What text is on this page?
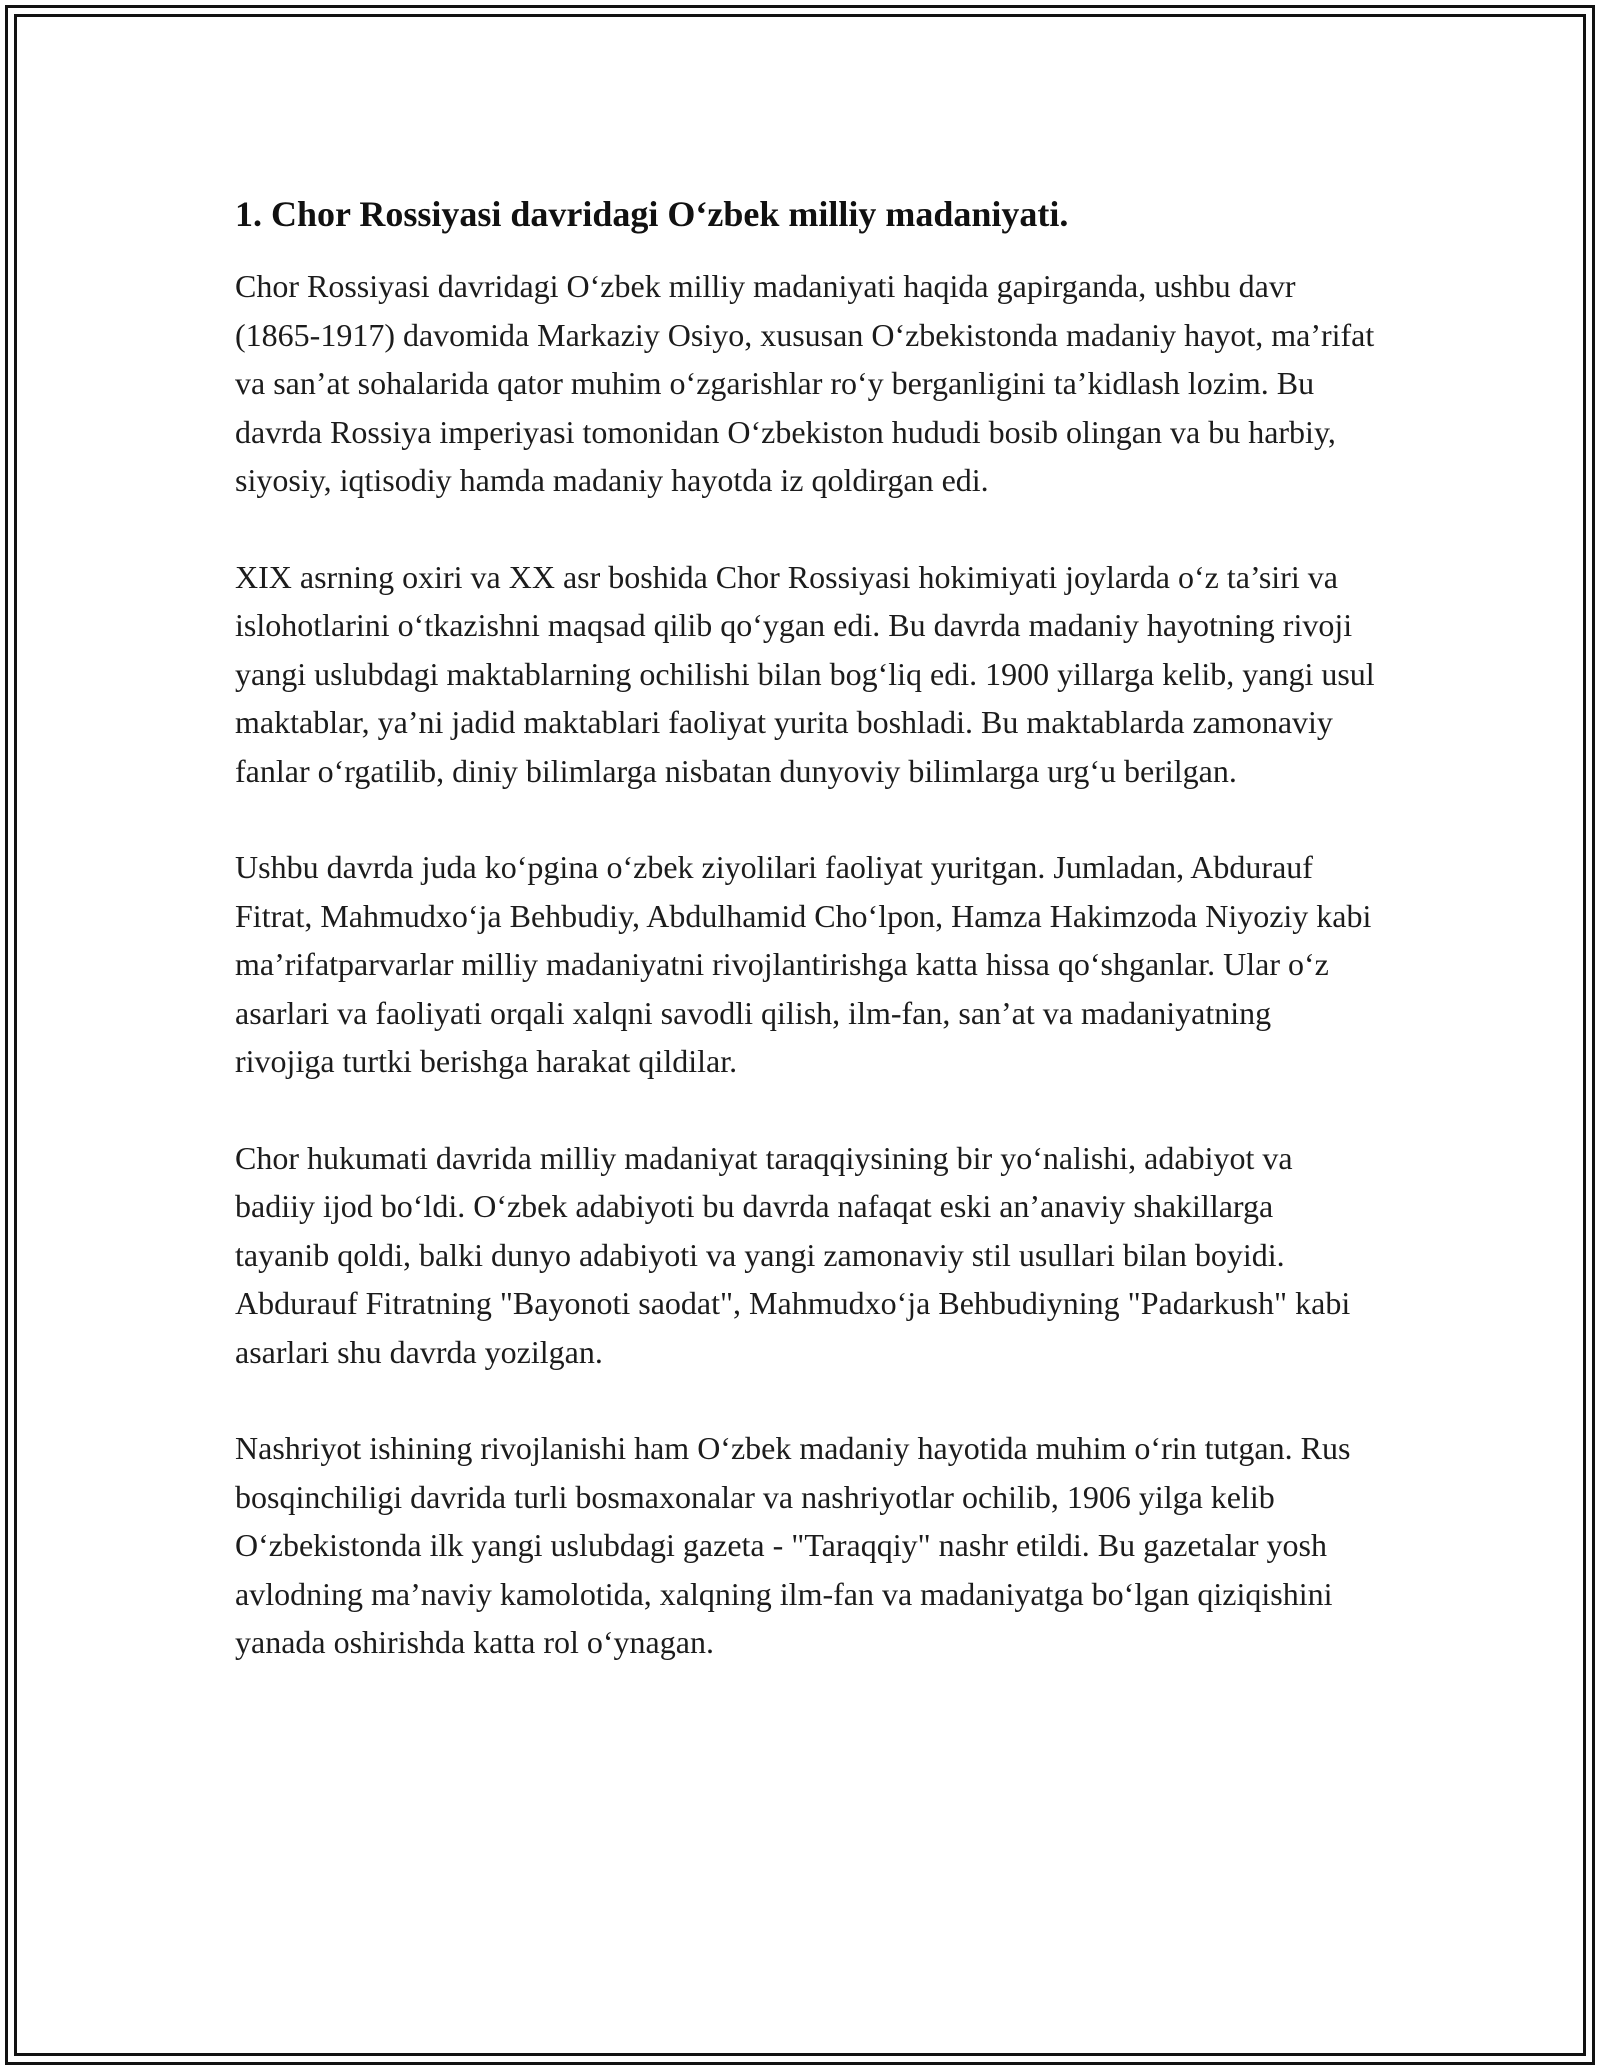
1. Chor Rossiyasi davridagi O‘zbek milliy madaniyati.

Chor Rossiyasi davridagi O‘zbek milliy madaniyati haqida gapirganda, ushbu davr (1865-1917) davomida Markaziy Osiyo, xususan O‘zbekistonda madaniy hayot, ma’rifat va san’at sohalarida qator muhim o‘zgarishlar ro‘y berganligini ta’kidlash lozim. Bu davrda Rossiya imperiyasi tomonidan O‘zbekiston hududi bosib olingan va bu harbiy, siyosiy, iqtisodiy hamda madaniy hayotda iz qoldirgan edi.

XIX asrning oxiri va XX asr boshida Chor Rossiyasi hokimiyati joylarda o‘z ta’siri va islohotlarini o‘tkazishni maqsad qilib qo‘ygan edi. Bu davrda madaniy hayotning rivoji yangi uslubdagi maktablarning ochilishi bilan bog‘liq edi. 1900 yillarga kelib, yangi usul maktablar, ya’ni jadid maktablari faoliyat yurita boshladi. Bu maktablarda zamonaviy fanlar o‘rgatilib, diniy bilimlarga nisbatan dunyoviy bilimlarga urg‘u berilgan.

Ushbu davrda juda ko‘pgina o‘zbek ziyolilari faoliyat yuritgan. Jumladan, Abdurauf Fitrat, Mahmudxo‘ja Behbudiy, Abdulhamid Cho‘lpon, Hamza Hakimzoda Niyoziy kabi ma’rifatparvarlar milliy madaniyatni rivojlantirishga katta hissa qo‘shganlar. Ular o‘z asarlari va faoliyati orqali xalqni savodli qilish, ilm-fan, san’at va madaniyatning rivojiga turtki berishga harakat qildilar.

Chor hukumati davrida milliy madaniyat taraqqiysining bir yo‘nalishi, adabiyot va badiiy ijod bo‘ldi. O‘zbek adabiyoti bu davrda nafaqat eski an’anaviy shakillarga tayanib qoldi, balki dunyo adabiyoti va yangi zamonaviy stil usullari bilan boyidi. Abdurauf Fitratning "Bayonoti saodat", Mahmudxo‘ja Behbudiyning "Padarkush" kabi asarlari shu davrda yozilgan.

Nashriyot ishining rivojlanishi ham O‘zbek madaniy hayotida muhim o‘rin tutgan. Rus bosqinchiligi davrida turli bosmaxonalar va nashriyotlar ochilib, 1906 yilga kelib O‘zbekistonda ilk yangi uslubdagi gazeta - "Taraqqiy" nashr etildi. Bu gazetalar yosh avlodning ma’naviy kamolotida, xalqning ilm-fan va madaniyatga bo‘lgan qiziqishini yanada oshirishda katta rol o‘ynagan.
